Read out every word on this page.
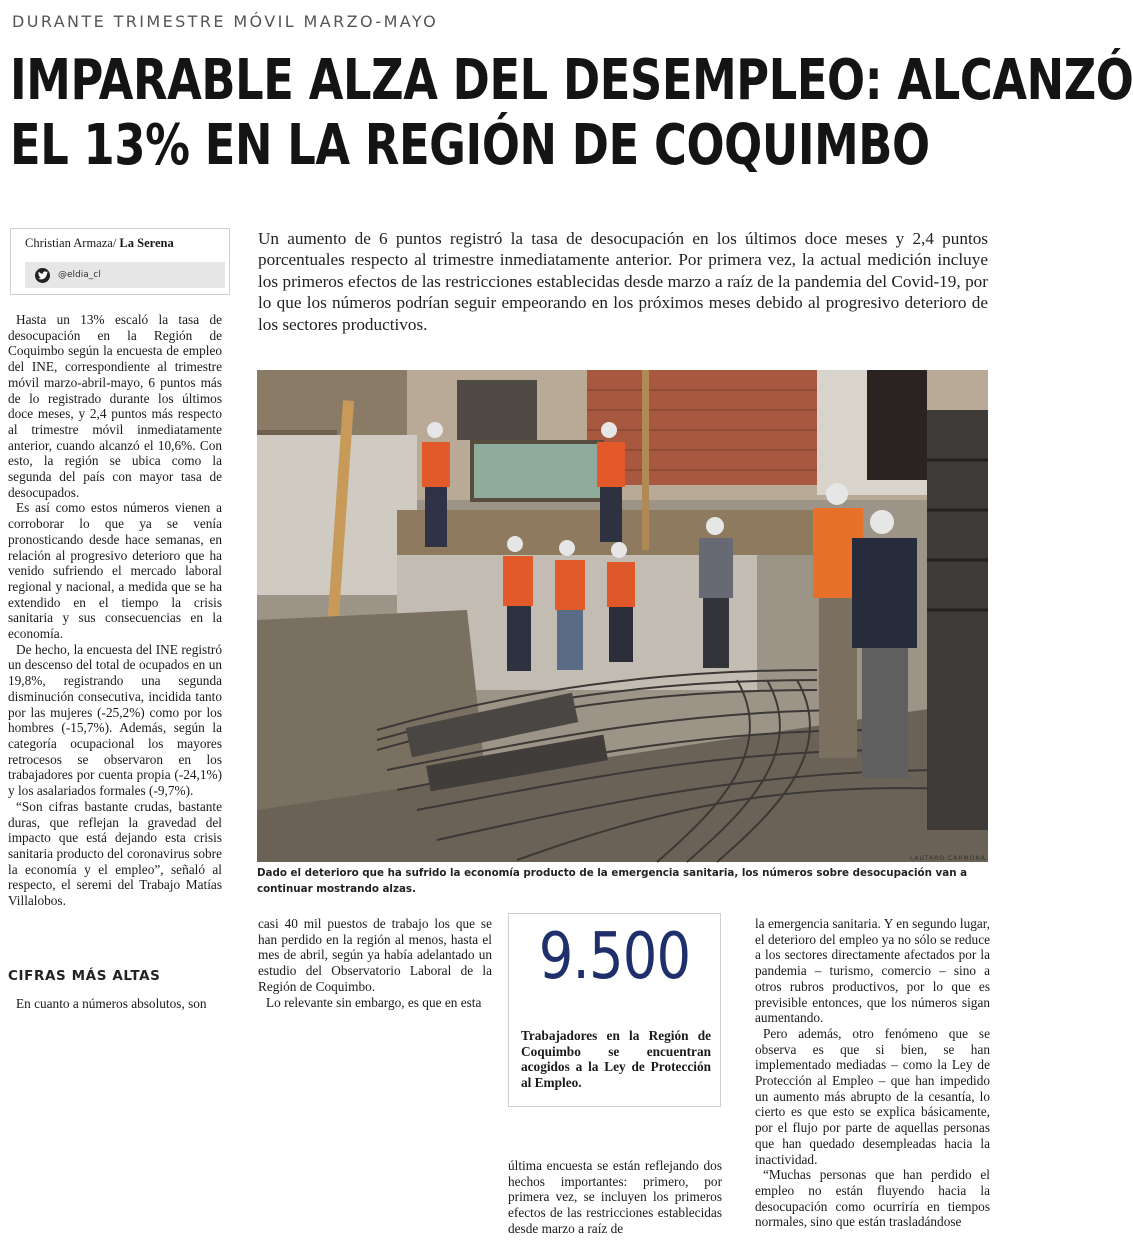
DURANTE TRIMESTRE MÓVIL MARZO-MAYO
IMPARABLE ALZA DEL DESEMPLEO: ALCANZÓ
EL 13% EN LA REGIÓN DE COQUIMBO
Christian Armaza/ La Serena
@eldia_cl

Hasta un 13% escaló la tasa de desocupación en la Región de Coquimbo según la encuesta de empleo del INE, correspondiente al trimestre móvil marzo-abril-mayo, 6 puntos más de lo registrado durante los últimos doce meses, y 2,4 puntos más respecto al trimestre móvil inmediatamente anterior, cuando alcanzó el 10,6%. Con esto, la región se ubica como la segunda del país con mayor tasa de desocupados.

Es así como estos números vienen a corroborar lo que ya se venía pronosticando desde hace semanas, en relación al progresivo deterioro que ha venido sufriendo el mercado laboral regional y nacional, a medida que se ha extendido en el tiempo la crisis sanitaria y sus consecuencias en la economía.

De hecho, la encuesta del INE registró un descenso del total de ocupados en un 19,8%, registrando una segunda disminución consecutiva, incidida tanto por las mujeres (-25,2%) como por los hombres (-15,7%). Además, según la categoría ocupacional los mayores retrocesos se observaron en los trabajadores por cuenta propia (-24,1%) y los asalariados formales (-9,7%).

“Son cifras bastante crudas, bastante duras, que reflejan la gravedad del impacto que está dejando esta crisis sanitaria producto del coronavirus sobre la economía y el empleo”, señaló al respecto, el seremi del Trabajo Matías Villalobos.

CIFRAS MÁS ALTAS

En cuanto a números absolutos, son

Un aumento de 6 puntos registró la tasa de desocupación en los últimos doce meses y 2,4 puntos porcentuales respecto al trimestre inmediatamente anterior. Por primera vez, la actual medición incluye los primeros efectos de las restricciones establecidas desde marzo a raíz de la pandemia del Covid-19, por lo que los números podrían seguir empeorando en los próximos meses debido al progresivo deterioro de los sectores productivos.
LAUTARO CARMONA
Dado el deterioro que ha sufrido la economía producto de la emergencia sanitaria, los números sobre desocupación van a continuar mostrando alzas.

casi 40 mil puestos de trabajo los que se han perdido en la región al menos, hasta el mes de abril, según ya había adelantado un estudio del Observatorio Laboral de la Región de Coquimbo.

Lo relevante sin embargo, es que en esta

9.500
Trabajadores en la Región de Coquimbo se encuentran acogidos a la Ley de Protección al Empleo.

última encuesta se están reflejando dos hechos importantes: primero, por primera vez, se incluyen los primeros efectos de las restricciones establecidas desde marzo a raíz de

la emergencia sanitaria. Y en segundo lugar, el deterioro del empleo ya no sólo se reduce a los sectores directamente afectados por la pandemia – turismo, comercio – sino a otros rubros productivos, por lo que es previsible entonces, que los números sigan aumentando.

Pero además, otro fenómeno que se observa es que si bien, se han implementado mediadas – como la Ley de Protección al Empleo – que han impedido un aumento más abrupto de la cesantía, lo cierto es que esto se explica básicamente, por el flujo por parte de aquellas personas que han quedado desempleadas hacia la inactividad.

“Muchas personas que han perdido el empleo no están fluyendo hacia la desocupación como ocurriría en tiempos normales, sino que están trasladándose
